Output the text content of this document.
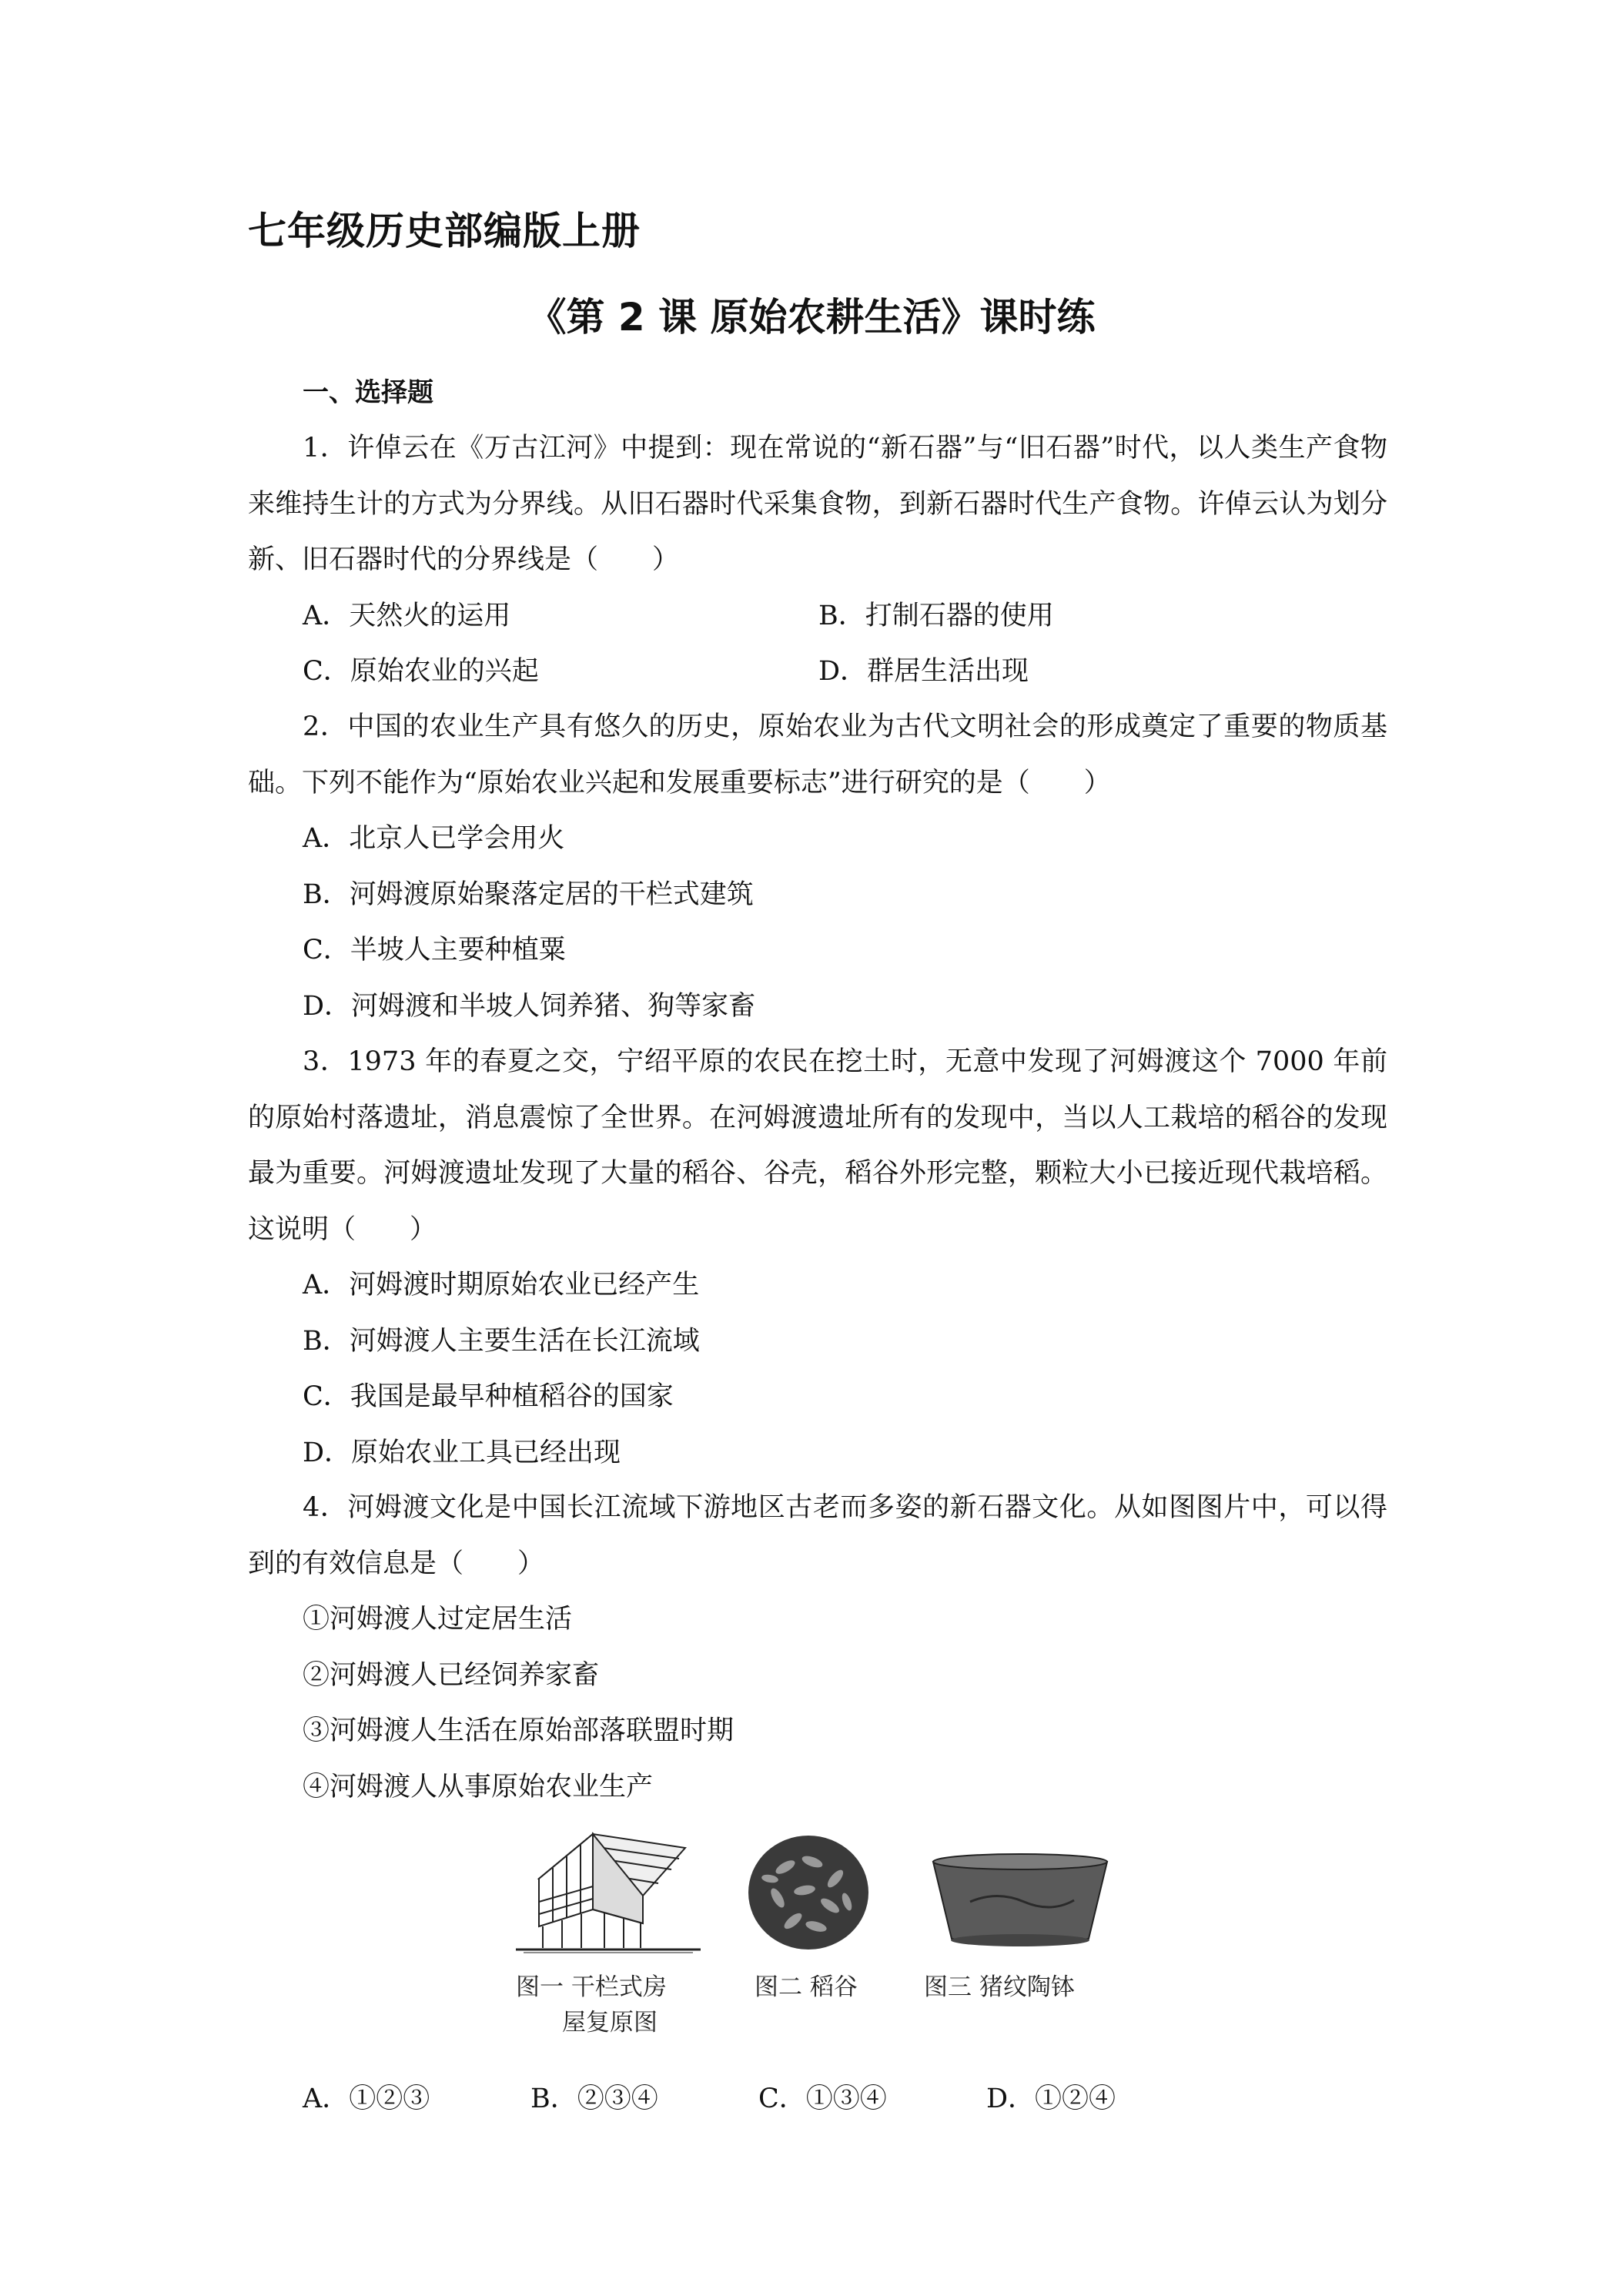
七年级历史部编版上册
《第 2 课 原始农耕生活》课时练
一、选择题

1．许倬云在《万古江河》中提到：现在常说的“新石器”与“旧石器”时代，以人类生产食物来维持生计的方式为分界线。从旧石器时代采集食物，到新石器时代生产食物。许倬云认为划分新、旧石器时代的分界线是（　　）

A．天然火的运用	B．打制石器的使用
C．原始农业的兴起	D．群居生活出现

2．中国的农业生产具有悠久的历史，原始农业为古代文明社会的形成奠定了重要的物质基础。下列不能作为“原始农业兴起和发展重要标志”进行研究的是（　　）

A．北京人已学会用火

B．河姆渡原始聚落定居的干栏式建筑

C．半坡人主要种植粟

D．河姆渡和半坡人饲养猪、狗等家畜

3．1973 年的春夏之交，宁绍平原的农民在挖土时，无意中发现了河姆渡这个 7000 年前的原始村落遗址，消息震惊了全世界。在河姆渡遗址所有的发现中，当以人工栽培的稻谷的发现最为重要。河姆渡遗址发现了大量的稻谷、谷壳，稻谷外形完整，颗粒大小已接近现代栽培稻。这说明（　　）

A．河姆渡时期原始农业已经产生

B．河姆渡人主要生活在长江流域

C．我国是最早种植稻谷的国家

D．原始农业工具已经出现

4．河姆渡文化是中国长江流域下游地区古老而多姿的新石器文化。从如图图片中，可以得到的有效信息是（　　）

①河姆渡人过定居生活

②河姆渡人已经饲养家畜

③河姆渡人生活在原始部落联盟时期

④河姆渡人从事原始农业生产

图一 干栏式房
屋复原图
图二 稻谷	图三 猪纹陶钵
A．①②③	B．②③④	C．①③④	D．①②④
